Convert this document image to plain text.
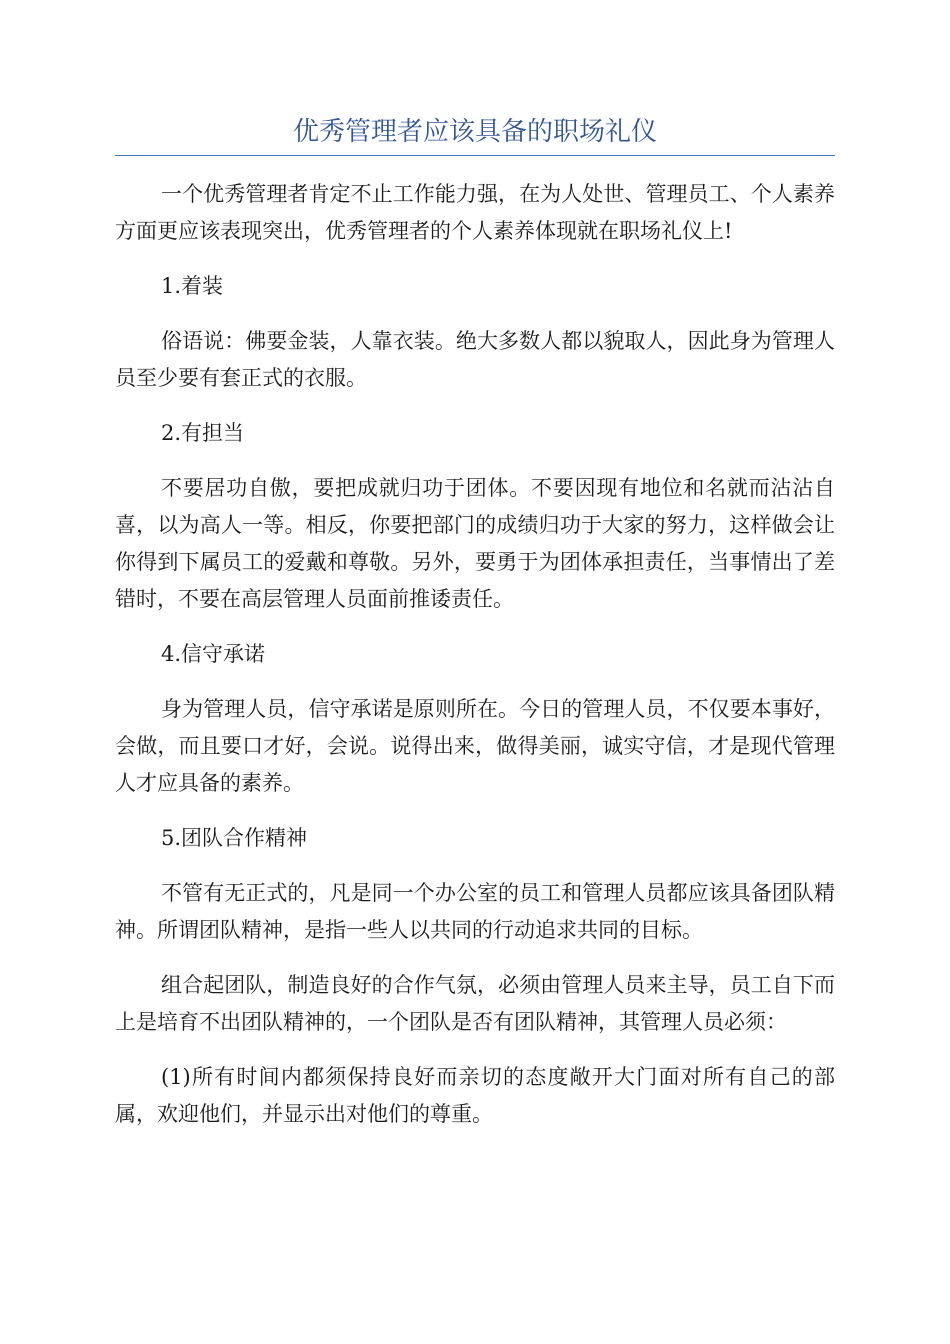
优秀管理者应该具备的职场礼仪

一个优秀管理者肯定不止工作能力强，在为人处世、管理员工、个人素养方面更应该表现突出，优秀管理者的个人素养体现就在职场礼仪上!

1.着装

俗语说：佛要金装，人靠衣装。绝大多数人都以貌取人，因此身为管理人员至少要有套正式的衣服。

2.有担当

不要居功自傲，要把成就归功于团体。不要因现有地位和名就而沾沾自喜，以为高人一等。相反，你要把部门的成绩归功于大家的努力，这样做会让你得到下属员工的爱戴和尊敬。另外，要勇于为团体承担责任，当事情出了差错时，不要在高层管理人员面前推诿责任。

4.信守承诺

身为管理人员，信守承诺是原则所在。今日的管理人员，不仅要本事好，会做，而且要口才好，会说。说得出来，做得美丽，诚实守信，才是现代管理人才应具备的素养。

5.团队合作精神

不管有无正式的，凡是同一个办公室的员工和管理人员都应该具备团队精神。所谓团队精神，是指一些人以共同的行动追求共同的目标。

组合起团队，制造良好的合作气氛，必须由管理人员来主导，员工自下而上是培育不出团队精神的，一个团队是否有团队精神，其管理人员必须：

(1)所有时间内都须保持良好而亲切的态度敞开大门面对所有自己的部属，欢迎他们，并显示出对他们的尊重。
